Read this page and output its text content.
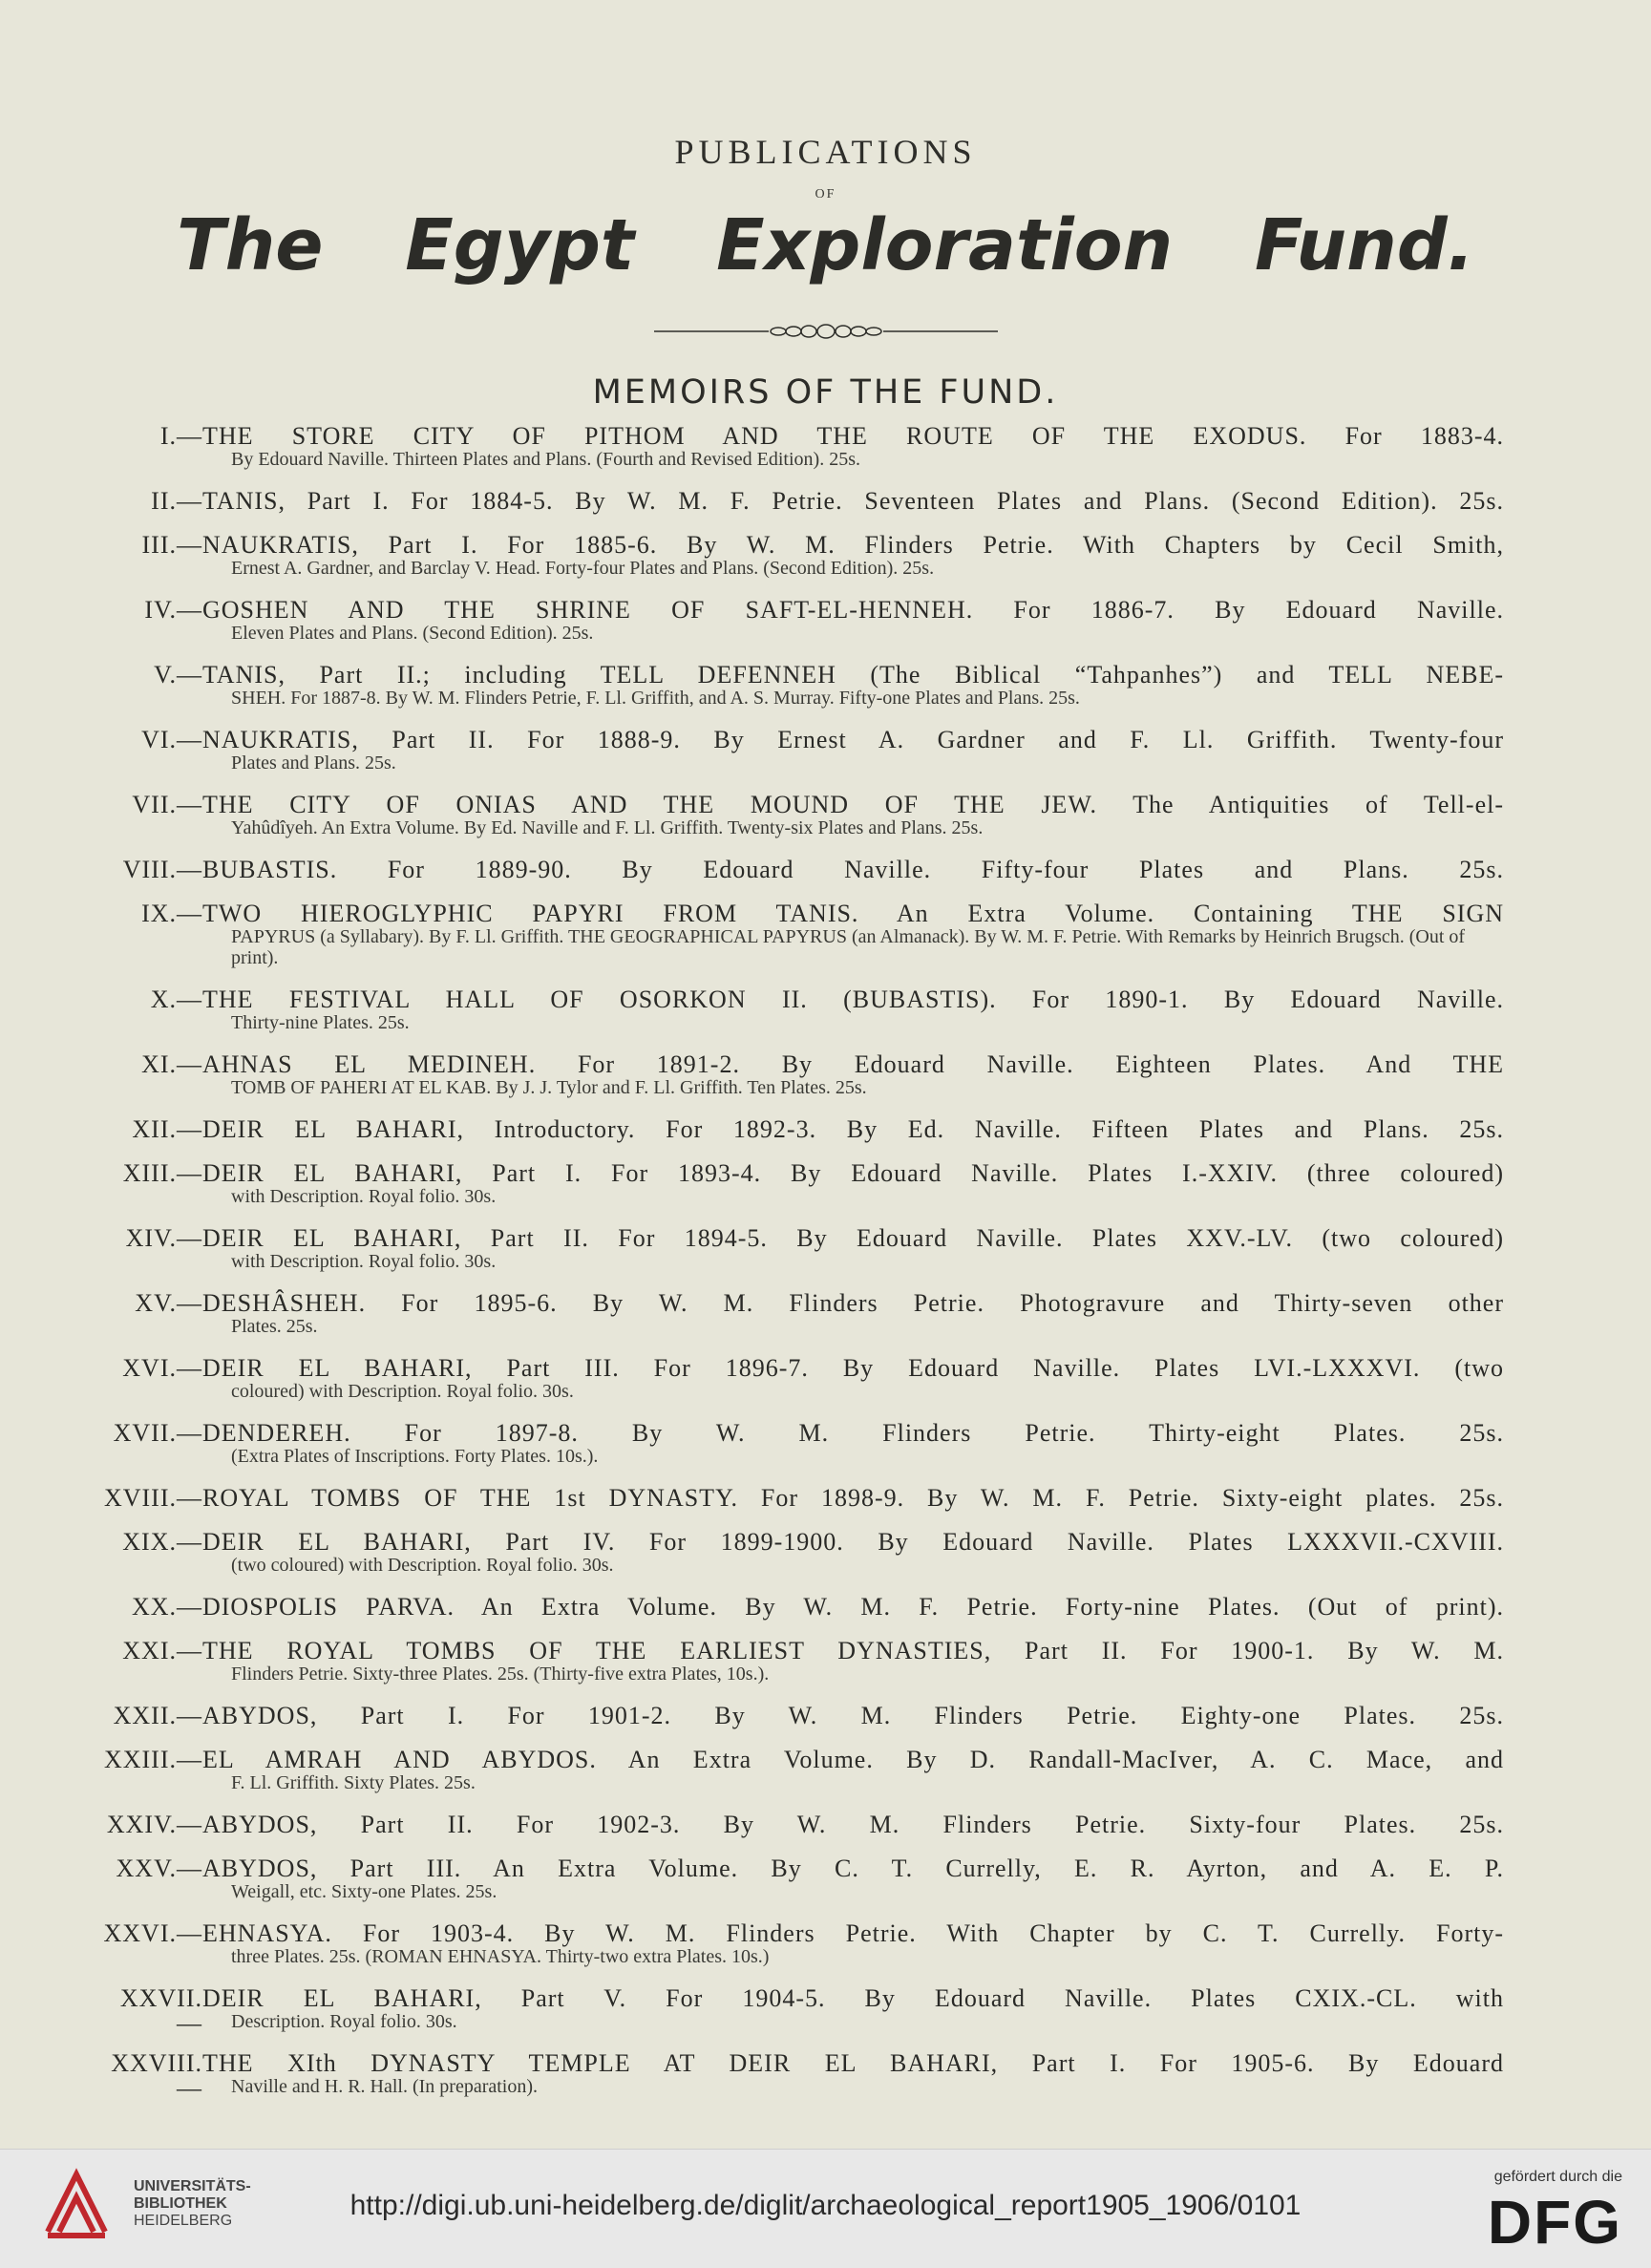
PUBLICATIONS
OF
The Egypt Exploration Fund.
MEMOIRS OF THE FUND.
I.— THE STORE CITY OF PITHOM AND THE ROUTE OF THE EXODUS. For 1883-4.
By Edouard Naville. Thirteen Plates and Plans. (Fourth and Revised Edition). 25s.
II.— TANIS, Part I. For 1884-5. By W. M. F. Petrie. Seventeen Plates and Plans. (Second Edition). 25s.
III.— NAUKRATIS, Part I. For 1885-6. By W. M. Flinders Petrie. With Chapters by Cecil Smith,
Ernest A. Gardner, and Barclay V. Head. Forty-four Plates and Plans. (Second Edition). 25s.
IV.— GOSHEN AND THE SHRINE OF SAFT-EL-HENNEH. For 1886-7. By Edouard Naville.
Eleven Plates and Plans. (Second Edition). 25s.
V.— TANIS, Part II.; including TELL DEFENNEH (The Biblical “Tahpanhes”) and TELL NEBE-
SHEH. For 1887-8. By W. M. Flinders Petrie, F. Ll. Griffith, and A. S. Murray. Fifty-one Plates and Plans. 25s.
VI.— NAUKRATIS, Part II. For 1888-9. By Ernest A. Gardner and F. Ll. Griffith. Twenty-four
Plates and Plans. 25s.
VII.— THE CITY OF ONIAS AND THE MOUND OF THE JEW. The Antiquities of Tell-el-
Yahûdîyeh. An Extra Volume. By Ed. Naville and F. Ll. Griffith. Twenty-six Plates and Plans. 25s.
VIII.— BUBASTIS. For 1889-90. By Edouard Naville. Fifty-four Plates and Plans. 25s.
IX.— TWO HIEROGLYPHIC PAPYRI FROM TANIS. An Extra Volume. Containing THE SIGN
PAPYRUS (a Syllabary). By F. Ll. Griffith. THE GEOGRAPHICAL PAPYRUS (an Almanack). By W. M. F. Petrie. With Remarks by Heinrich Brugsch. (Out of print).
X.— THE FESTIVAL HALL OF OSORKON II. (BUBASTIS). For 1890-1. By Edouard Naville.
Thirty-nine Plates. 25s.
XI.— AHNAS EL MEDINEH. For 1891-2. By Edouard Naville. Eighteen Plates. And THE
TOMB OF PAHERI AT EL KAB. By J. J. Tylor and F. Ll. Griffith. Ten Plates. 25s.
XII.— DEIR EL BAHARI, Introductory. For 1892-3. By Ed. Naville. Fifteen Plates and Plans. 25s.
XIII.— DEIR EL BAHARI, Part I. For 1893-4. By Edouard Naville. Plates I.-XXIV. (three coloured)
with Description. Royal folio. 30s.
XIV.— DEIR EL BAHARI, Part II. For 1894-5. By Edouard Naville. Plates XXV.-LV. (two coloured)
with Description. Royal folio. 30s.
XV.— DESHÂSHEH. For 1895-6. By W. M. Flinders Petrie. Photogravure and Thirty-seven other
Plates. 25s.
XVI.— DEIR EL BAHARI, Part III. For 1896-7. By Edouard Naville. Plates LVI.-LXXXVI. (two
coloured) with Description. Royal folio. 30s.
XVII.— DENDEREH. For 1897-8. By W. M. Flinders Petrie. Thirty-eight Plates. 25s.
(Extra Plates of Inscriptions. Forty Plates. 10s.).
XVIII.— ROYAL TOMBS OF THE 1st DYNASTY. For 1898-9. By W. M. F. Petrie. Sixty-eight plates. 25s.
XIX.— DEIR EL BAHARI, Part IV. For 1899-1900. By Edouard Naville. Plates LXXXVII.-CXVIII.
(two coloured) with Description. Royal folio. 30s.
XX.— DIOSPOLIS PARVA. An Extra Volume. By W. M. F. Petrie. Forty-nine Plates. (Out of print).
XXI.— THE ROYAL TOMBS OF THE EARLIEST DYNASTIES, Part II. For 1900-1. By W. M.
Flinders Petrie. Sixty-three Plates. 25s. (Thirty-five extra Plates, 10s.).
XXII.— ABYDOS, Part I. For 1901-2. By W. M. Flinders Petrie. Eighty-one Plates. 25s.
XXIII.— EL AMRAH AND ABYDOS. An Extra Volume. By D. Randall-MacIver, A. C. Mace, and
F. Ll. Griffith. Sixty Plates. 25s.
XXIV.— ABYDOS, Part II. For 1902-3. By W. M. Flinders Petrie. Sixty-four Plates. 25s.
XXV.— ABYDOS, Part III. An Extra Volume. By C. T. Currelly, E. R. Ayrton, and A. E. P.
Weigall, etc. Sixty-one Plates. 25s.
XXVI.— EHNASYA. For 1903-4. By W. M. Flinders Petrie. With Chapter by C. T. Currelly. Forty-
three Plates. 25s. (ROMAN EHNASYA. Thirty-two extra Plates. 10s.)
XXVII.—
DEIR EL BAHARI, Part V. For 1904-5. By Edouard Naville. Plates CXIX.-CL. with
Description. Royal folio. 30s.
XXVIII.—
THE XIth DYNASTY TEMPLE AT DEIR EL BAHARI, Part I. For 1905-6. By Edouard
Naville and H. R. Hall. (In preparation).
UNIVERSITÄTS-
BIBLIOTHEK
HEIDELBERG	http://digi.ub.uni-heidelberg.de/diglit/archaeological_report1905_1906/0101
gefördert durch die
DFG
